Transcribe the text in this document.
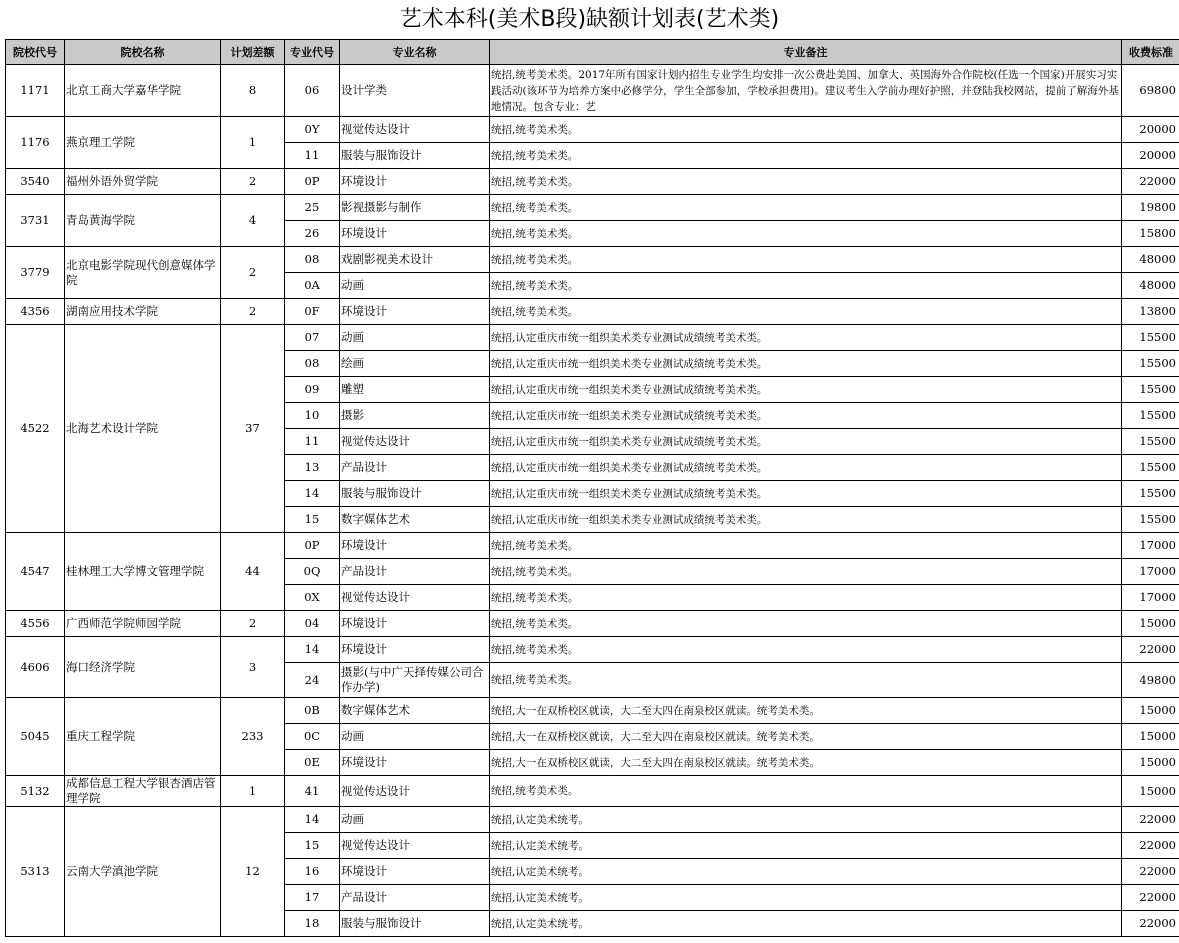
艺术本科(美术B段)缺额计划表(艺术类)
院校代号	院校名称	计划差额	专业代号	专业名称	专业备注	收费标准
1171	北京工商大学嘉华学院	8	06	设计学类	统招,统考美术类。2017年所有国家计划内招生专业学生均安排一次公费赴美国、加拿大、英国海外合作院校(任选一个国家)开展实习实践活动(该环节为培养方案中必修学分，学生全部参加，学校承担费用)。建议考生入学前办理好护照，并登陆我校网站，提前了解海外基地情况。包含专业：艺	69800
1176	燕京理工学院	1	0Y	视觉传达设计	统招,统考美术类。	20000
			11	服装与服饰设计	统招,统考美术类。	20000
3540	福州外语外贸学院	2	0P	环境设计	统招,统考美术类。	22000
3731	青岛黄海学院	4	25	影视摄影与制作	统招,统考美术类。	19800
			26	环境设计	统招,统考美术类。	15800
3779	北京电影学院现代创意媒体学院	2	08	戏剧影视美术设计	统招,统考美术类。	48000
			0A	动画	统招,统考美术类。	48000
4356	湖南应用技术学院	2	0F	环境设计	统招,统考美术类。	13800
4522	北海艺术设计学院	37	07	动画	统招,认定重庆市统一组织美术类专业测试成绩统考美术类。	15500
			08	绘画	统招,认定重庆市统一组织美术类专业测试成绩统考美术类。	15500
			09	雕塑	统招,认定重庆市统一组织美术类专业测试成绩统考美术类。	15500
			10	摄影	统招,认定重庆市统一组织美术类专业测试成绩统考美术类。	15500
			11	视觉传达设计	统招,认定重庆市统一组织美术类专业测试成绩统考美术类。	15500
			13	产品设计	统招,认定重庆市统一组织美术类专业测试成绩统考美术类。	15500
			14	服装与服饰设计	统招,认定重庆市统一组织美术类专业测试成绩统考美术类。	15500
			15	数字媒体艺术	统招,认定重庆市统一组织美术类专业测试成绩统考美术类。	15500
4547	桂林理工大学博文管理学院	44	0P	环境设计	统招,统考美术类。	17000
			0Q	产品设计	统招,统考美术类。	17000
			0X	视觉传达设计	统招,统考美术类。	17000
4556	广西师范学院师园学院	2	04	环境设计	统招,统考美术类。	15000
4606	海口经济学院	3	14	环境设计	统招,统考美术类。	22000
			24	摄影(与中广天择传媒公司合作办学)	统招,统考美术类。	49800
5045	重庆工程学院	233	0B	数字媒体艺术	统招,大一在双桥校区就读，大二至大四在南泉校区就读。统考美术类。	15000
			0C	动画	统招,大一在双桥校区就读，大二至大四在南泉校区就读。统考美术类。	15000
			0E	环境设计	统招,大一在双桥校区就读，大二至大四在南泉校区就读。统考美术类。	15000
5132	成都信息工程大学银杏酒店管理学院	1	41	视觉传达设计	统招,统考美术类。	15000
5313	云南大学滇池学院	12	14	动画	统招,认定美术统考。	22000
			15	视觉传达设计	统招,认定美术统考。	22000
			16	环境设计	统招,认定美术统考。	22000
			17	产品设计	统招,认定美术统考。	22000
			18	服装与服饰设计	统招,认定美术统考。	22000
